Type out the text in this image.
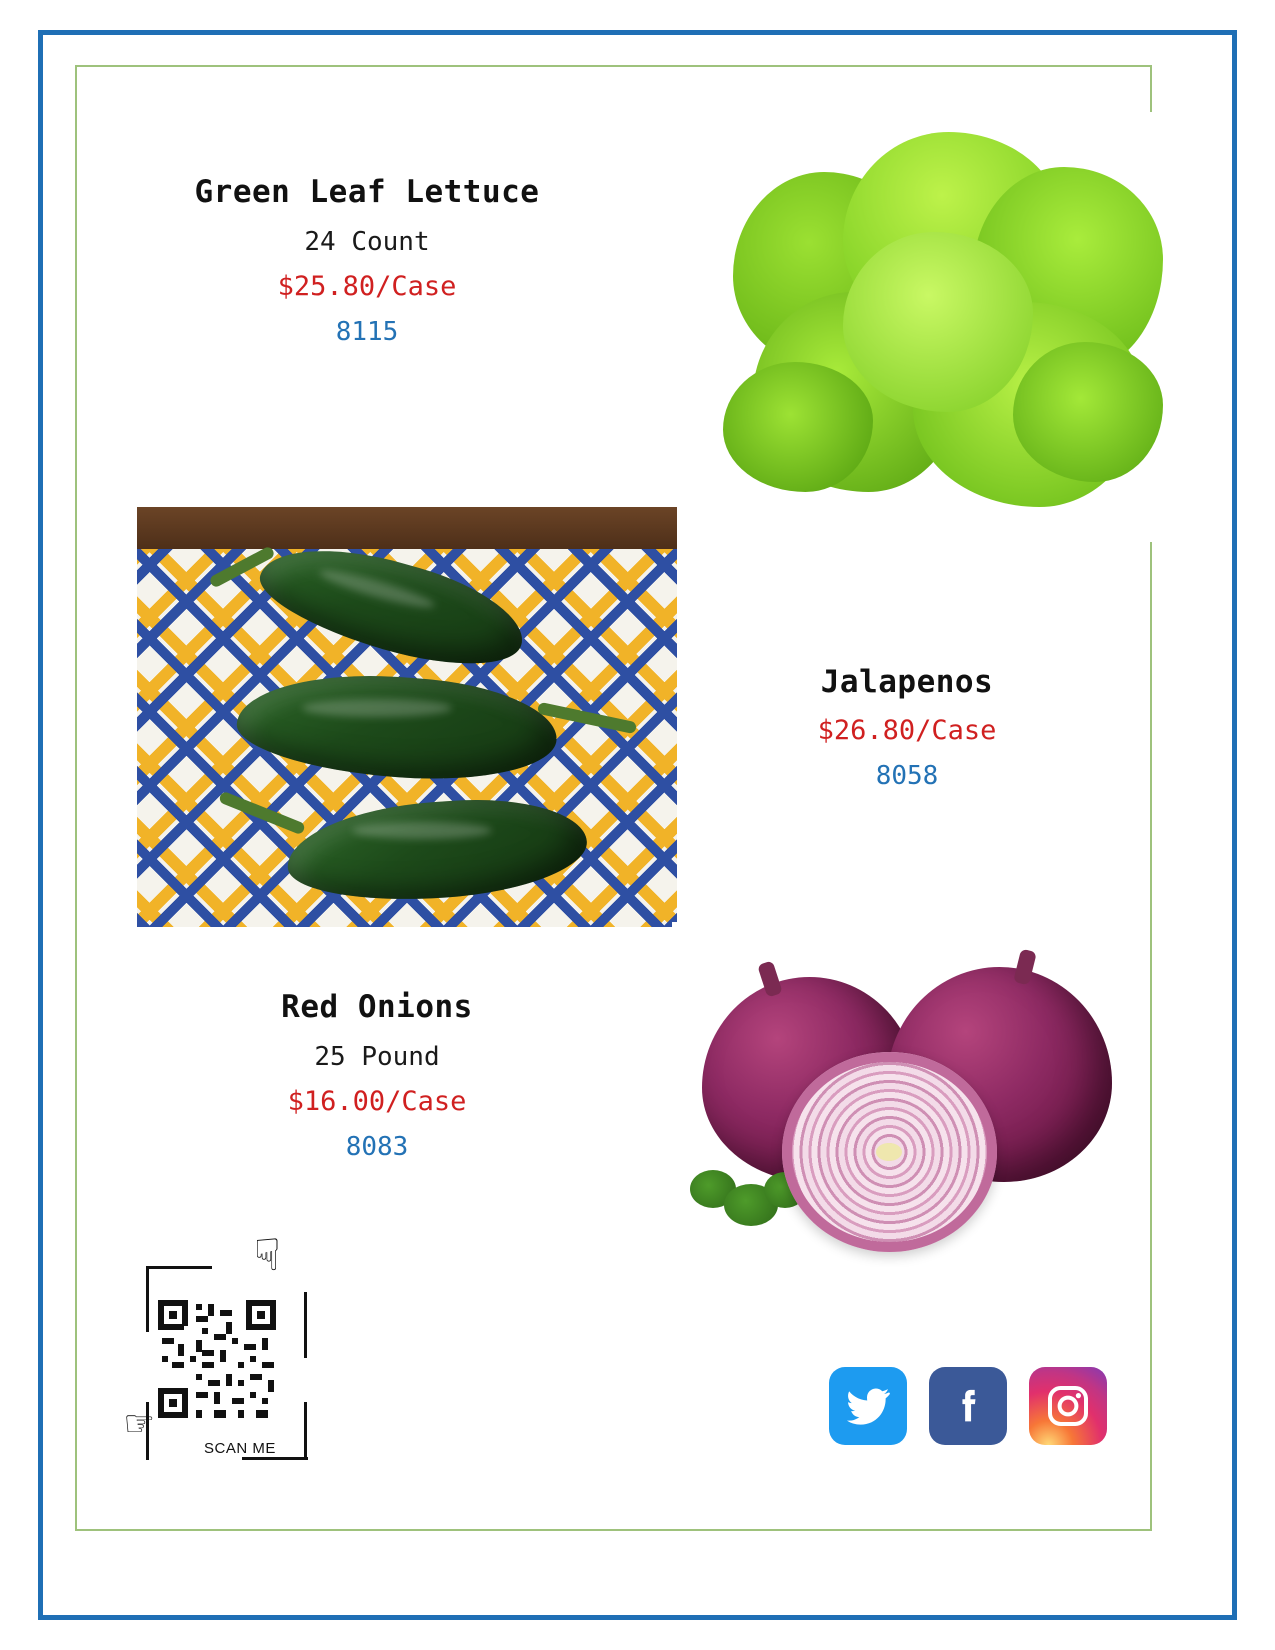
Green Leaf Lettuce
24 Count
$25.80/Case
8115
Jalapenos
$26.80/Case
8058
Red Onions
25 Pound
$16.00/Case
8083
☟
☞	SCAN ME
